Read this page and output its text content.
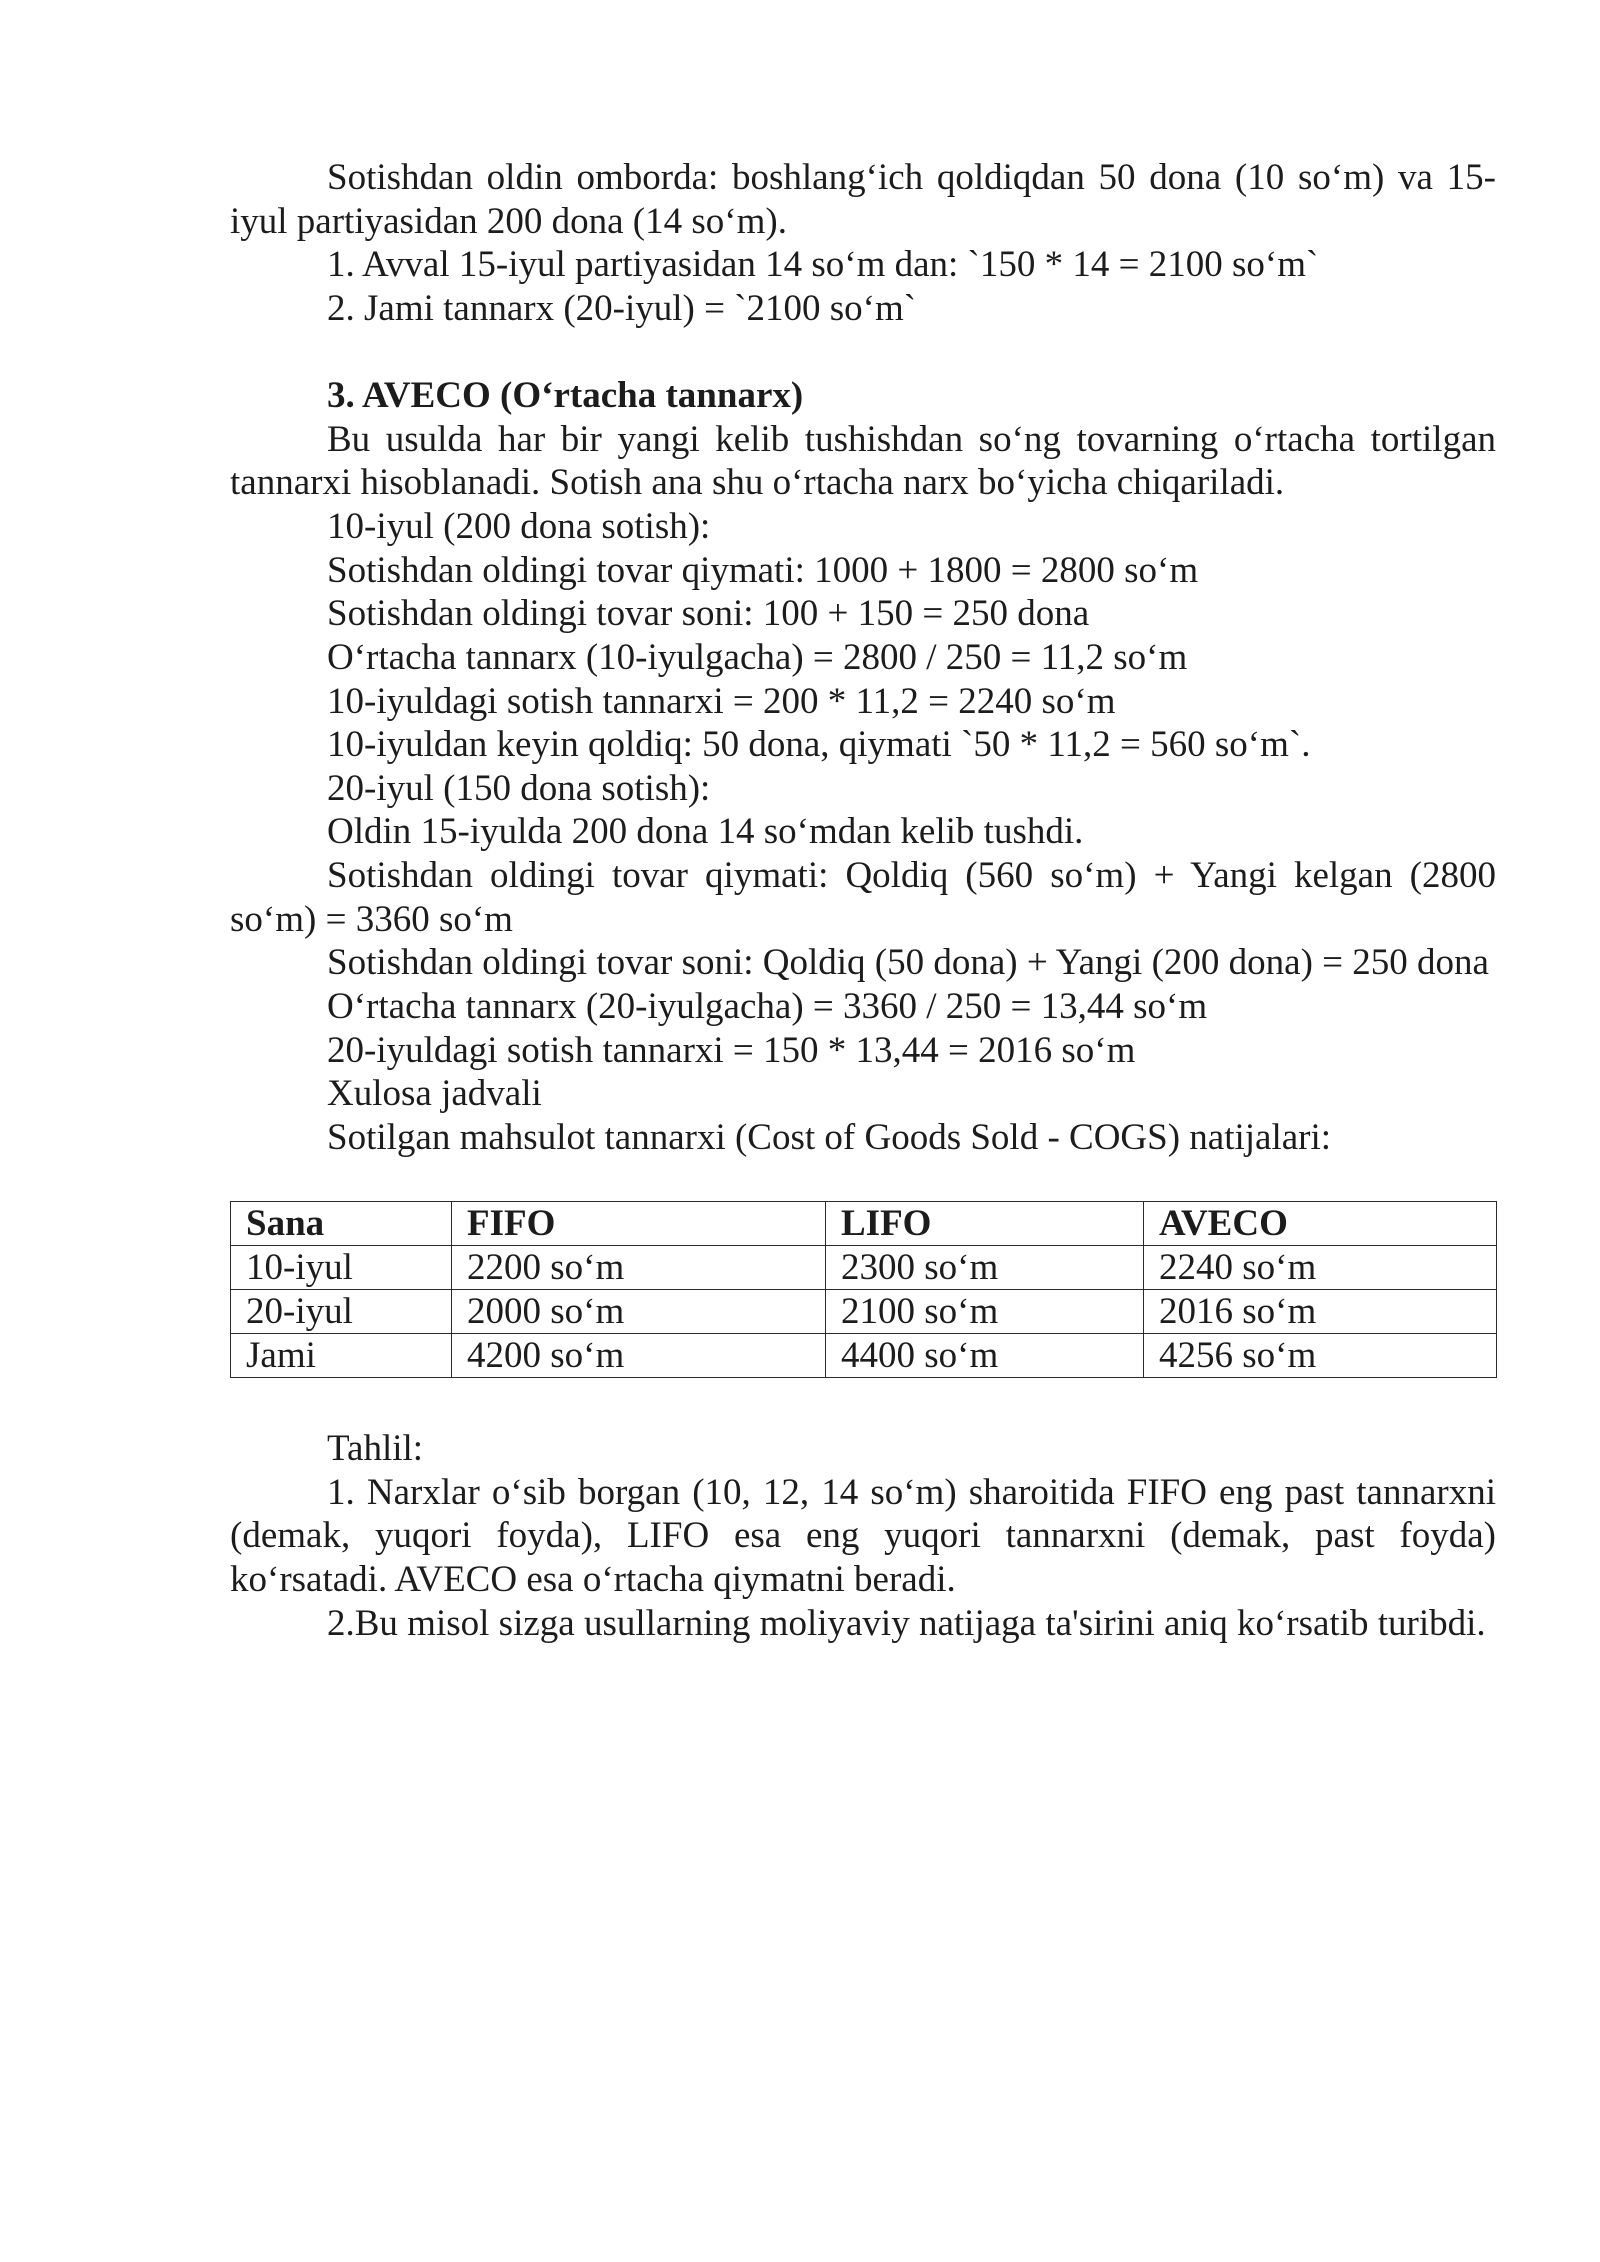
Sotishdan oldin omborda: boshlang‘ich qoldiqdan 50 dona (10 so‘m) va 15-
iyul partiyasidan 200 dona (14 so‘m).
1. Avval 15-iyul partiyasidan 14 so‘m dan: `150 * 14 = 2100 so‘m`
2. Jami tannarx (20-iyul) = `2100 so‘m`
3. AVECO (O‘rtacha tannarx)
Bu usulda har bir yangi kelib tushishdan so‘ng tovarning o‘rtacha tortilgan
tannarxi hisoblanadi. Sotish ana shu o‘rtacha narx bo‘yicha chiqariladi.
10-iyul (200 dona sotish):
Sotishdan oldingi tovar qiymati: 1000 + 1800 = 2800 so‘m
Sotishdan oldingi tovar soni: 100 + 150 = 250 dona
O‘rtacha tannarx (10-iyulgacha) = 2800 / 250 = 11,2 so‘m
10-iyuldagi sotish tannarxi = 200 * 11,2 = 2240 so‘m
10-iyuldan keyin qoldiq: 50 dona, qiymati `50 * 11,2 = 560 so‘m`.
20-iyul (150 dona sotish):
Oldin 15-iyulda 200 dona 14 so‘mdan kelib tushdi.
Sotishdan oldingi tovar qiymati: Qoldiq (560 so‘m) + Yangi kelgan (2800
so‘m) = 3360 so‘m
Sotishdan oldingi tovar soni: Qoldiq (50 dona) + Yangi (200 dona) = 250 dona
O‘rtacha tannarx (20-iyulgacha) = 3360 / 250 = 13,44 so‘m
20-iyuldagi sotish tannarxi = 150 * 13,44 = 2016 so‘m
Xulosa jadvali
Sotilgan mahsulot tannarxi (Cost of Goods Sold - COGS) natijalari:
Sana	FIFO	LIFO	AVECO
10-iyul	2200 so‘m	2300 so‘m	2240 so‘m
20-iyul	2000 so‘m	2100 so‘m	2016 so‘m
Jami	4200 so‘m	4400 so‘m	4256 so‘m
Tahlil:
1. Narxlar o‘sib borgan (10, 12, 14 so‘m) sharoitida FIFO eng past tannarxni
(demak, yuqori foyda), LIFO esa eng yuqori tannarxni (demak, past foyda)
ko‘rsatadi. AVECO esa o‘rtacha qiymatni beradi.
2.Bu misol sizga usullarning moliyaviy natijaga ta'sirini aniq ko‘rsatib turibdi.
